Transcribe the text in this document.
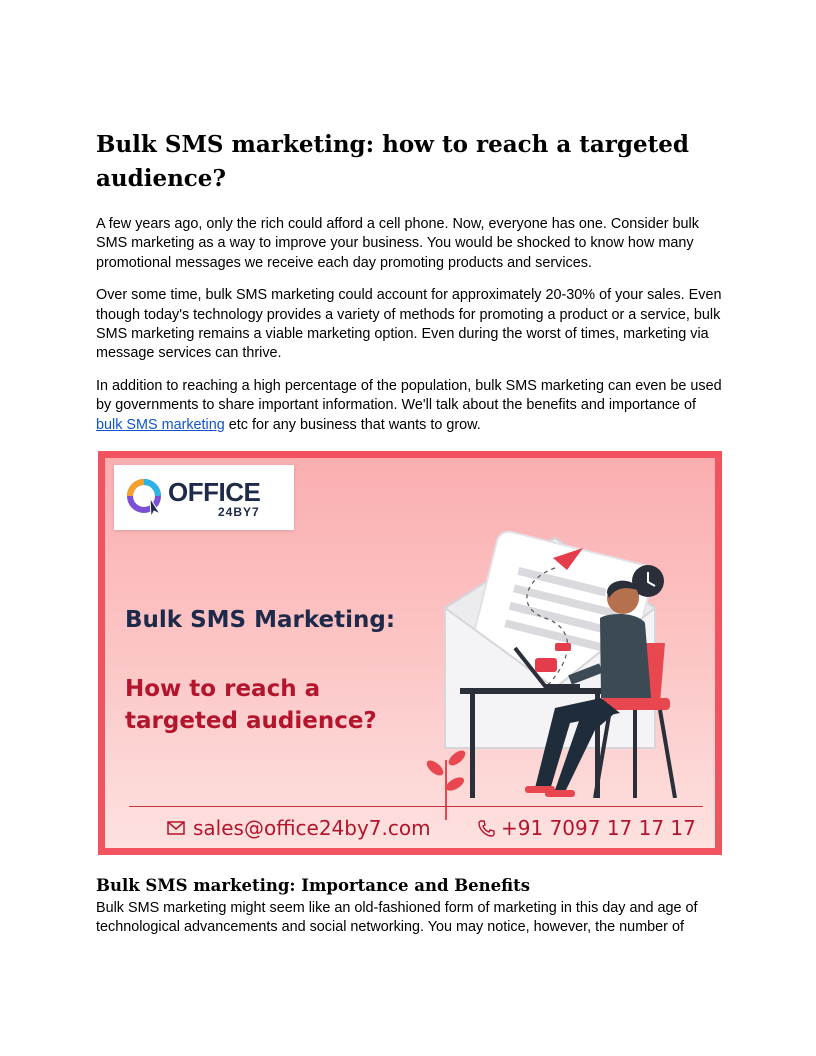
Bulk SMS marketing: how to reach a targeted audience?

A few years ago, only the rich could afford a cell phone. Now, everyone has one. Consider bulk SMS marketing as a way to improve your business. You would be shocked to know how many promotional messages we receive each day promoting products and services.

Over some time, bulk SMS marketing could account for approximately 20-30% of your sales. Even though today's technology provides a variety of methods for promoting a product or a service, bulk SMS marketing remains a viable marketing option. Even during the worst of times, marketing via message services can thrive.

In addition to reaching a high percentage of the population, bulk SMS marketing can even be used by governments to share important information. We'll talk about the benefits and importance of bulk SMS marketing etc for any business that wants to grow.

OFFICE
24BY7
Bulk SMS Marketing:
How to reach a targeted audience?
sales@office24by7.com	+91 7097 17 17 17
Bulk SMS marketing: Importance and Benefits

Bulk SMS marketing might seem like an old-fashioned form of marketing in this day and age of technological advancements and social networking. You may notice, however, the number of
